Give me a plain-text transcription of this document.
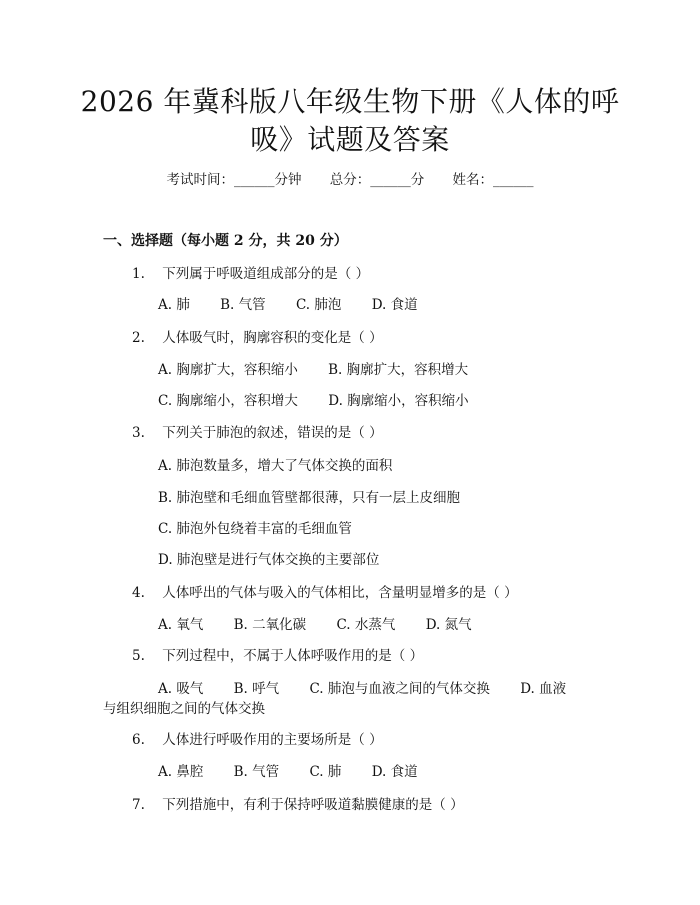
2026 年冀科版八年级生物下册《人体的呼
吸》试题及答案
考试时间：______分钟 总分：______分 姓名：______
一、选择题（每小题 2 分，共 20 分）
1. 下列属于呼吸道组成部分的是（ ）
A. 肺 B. 气管 C. 肺泡 D. 食道
2. 人体吸气时，胸廓容积的变化是（ ）
A. 胸廓扩大，容积缩小 B. 胸廓扩大，容积增大
C. 胸廓缩小，容积增大 D. 胸廓缩小，容积缩小
3. 下列关于肺泡的叙述，错误的是（ ）
A. 肺泡数量多，增大了气体交换的面积
B. 肺泡壁和毛细血管壁都很薄，只有一层上皮细胞
C. 肺泡外包绕着丰富的毛细血管
D. 肺泡壁是进行气体交换的主要部位
4. 人体呼出的气体与吸入的气体相比，含量明显增多的是（ ）
A. 氧气 B. 二氧化碳 C. 水蒸气 D. 氮气
5. 下列过程中，不属于人体呼吸作用的是（ ）
A. 吸气 B. 呼气 C. 肺泡与血液之间的气体交换 D. 血液
与组织细胞之间的气体交换
6. 人体进行呼吸作用的主要场所是（ ）
A. 鼻腔 B. 气管 C. 肺 D. 食道
7. 下列措施中，有利于保持呼吸道黏膜健康的是（ ）
